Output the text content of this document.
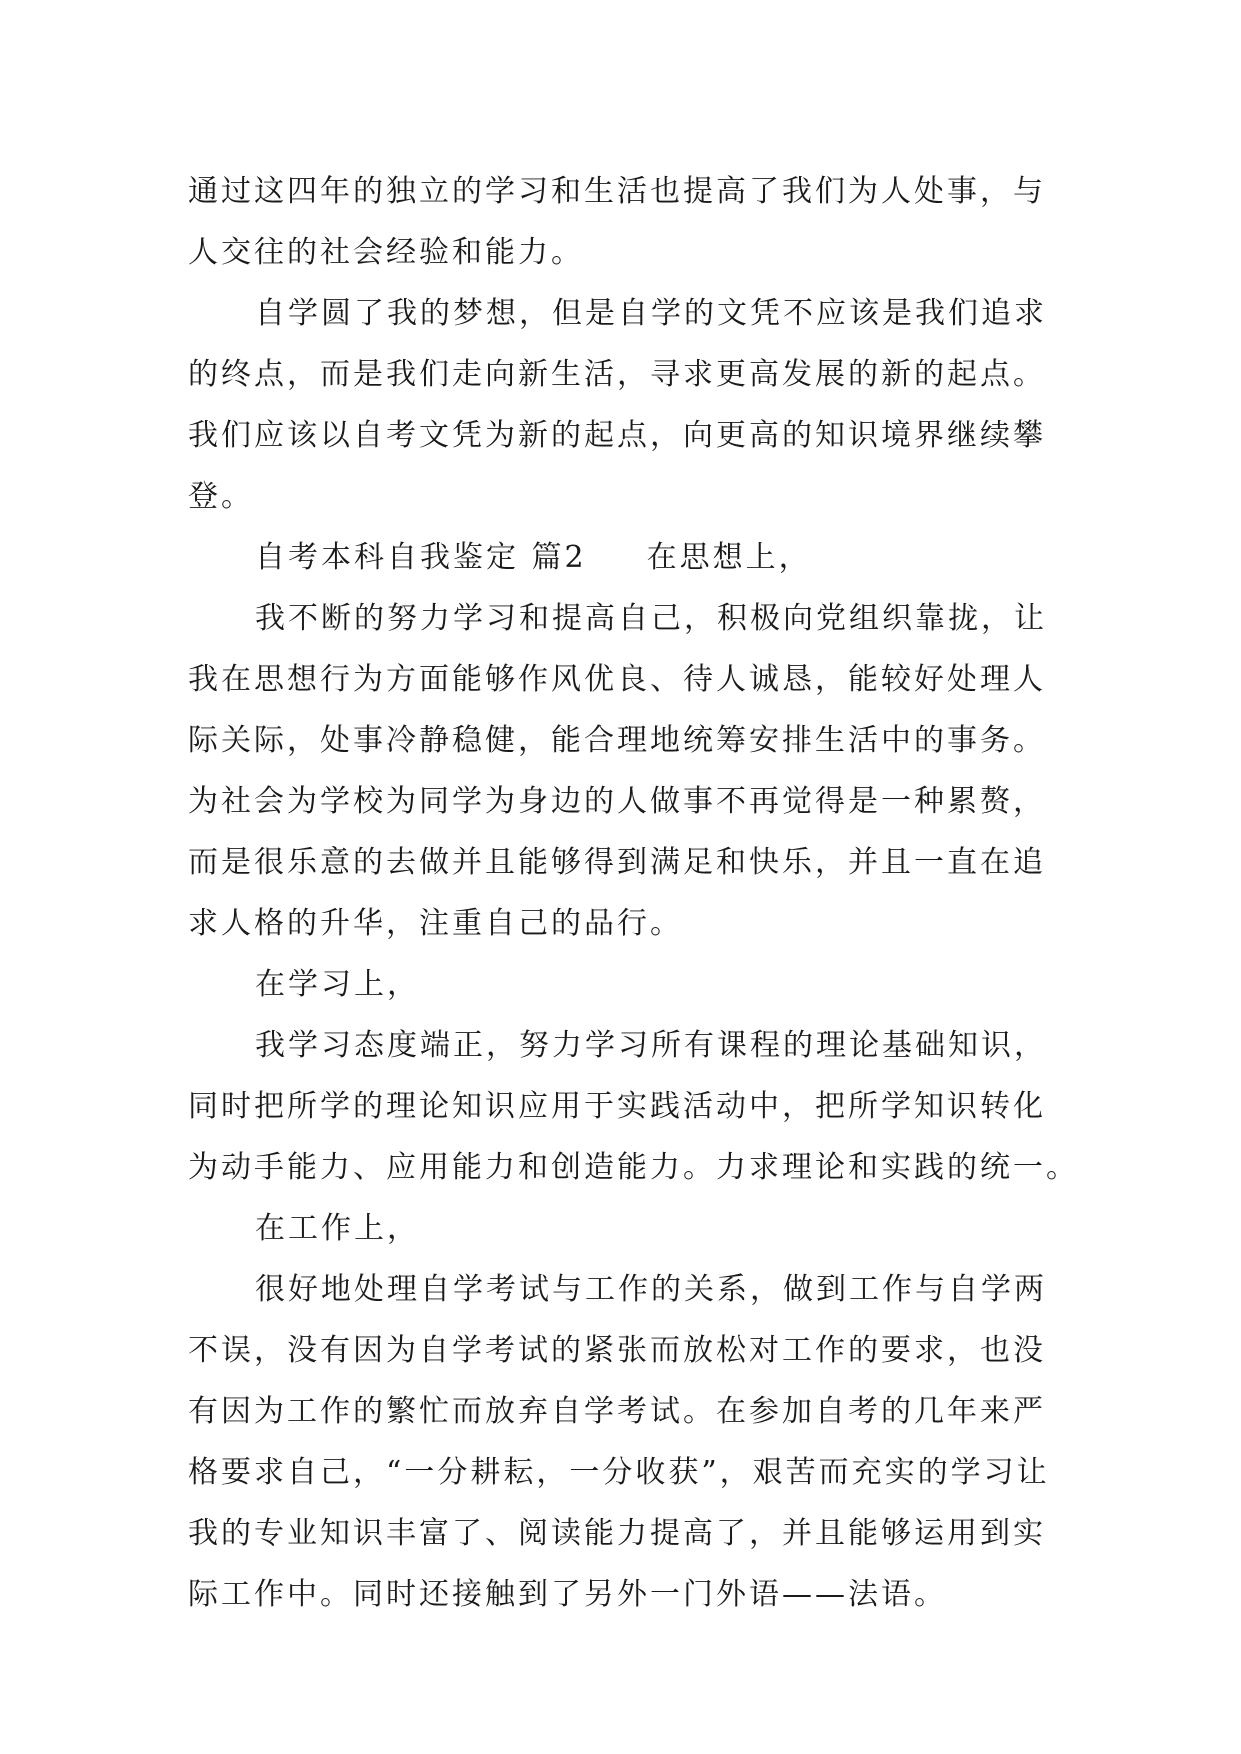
通过这四年的独立的学习和生活也提高了我们为人处事，与
人交往的社会经验和能力。
自学圆了我的梦想，但是自学的文凭不应该是我们追求
的终点，而是我们走向新生活，寻求更高发展的新的起点。
我们应该以自考文凭为新的起点，向更高的知识境界继续攀
登。
自考本科自我鉴定 篇2 在思想上，
我不断的努力学习和提高自己，积极向党组织靠拢，让
我在思想行为方面能够作风优良、待人诚恳，能较好处理人
际关际，处事冷静稳健，能合理地统筹安排生活中的事务。
为社会为学校为同学为身边的人做事不再觉得是一种累赘，
而是很乐意的去做并且能够得到满足和快乐，并且一直在追
求人格的升华，注重自己的品行。
在学习上，
我学习态度端正，努力学习所有课程的理论基础知识，
同时把所学的理论知识应用于实践活动中，把所学知识转化
为动手能力、应用能力和创造能力。力求理论和实践的统一。
在工作上，
很好地处理自学考试与工作的关系，做到工作与自学两
不误，没有因为自学考试的紧张而放松对工作的要求，也没
有因为工作的繁忙而放弃自学考试。在参加自考的几年来严
格要求自己，“一分耕耘，一分收获”，艰苦而充实的学习让
我的专业知识丰富了、阅读能力提高了，并且能够运用到实
际工作中。同时还接触到了另外一门外语——法语。
